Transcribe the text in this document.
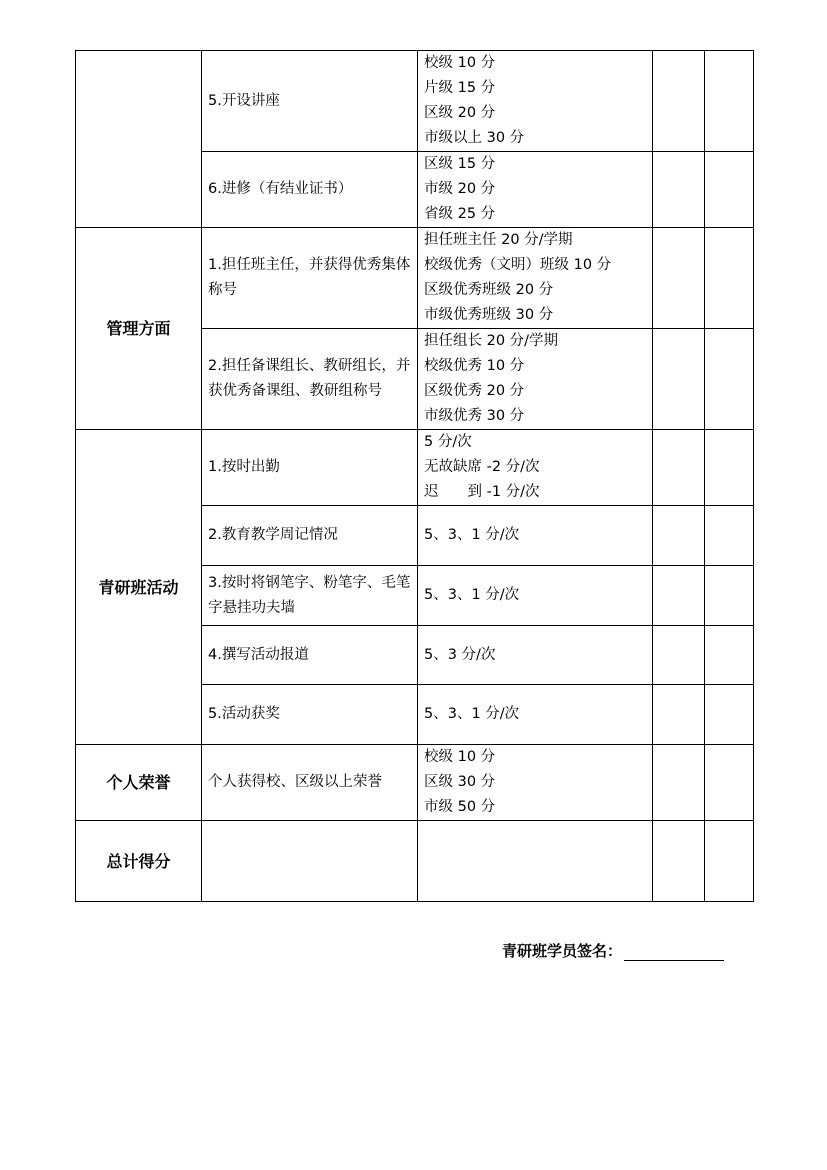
	5.开设讲座	校级 10 分
片级 15 分
区级 20 分
市级以上 30 分		

	6.进修（有结业证书）	区级 15 分
市级 20 分
省级 25 分		

管理方面	1.担任班主任，并获得优秀集体称号	担任班主任 20 分/学期
校级优秀（文明）班级 10 分
区级优秀班级 20 分
市级优秀班级 30 分		

	2.担任备课组长、教研组长，并获优秀备课组、教研组称号	担任组长 20 分/学期
校级优秀 10 分
区级优秀 20 分
市级优秀 30 分		

青研班活动	1.按时出勤	5 分/次
无故缺席 -2 分/次
迟　　到 -1 分/次		

	2.教育教学周记情况	5、3、1 分/次		

	3.按时将钢笔字、粉笔字、毛笔字悬挂功夫墙	5、3、1 分/次		

	4.撰写活动报道	5、3 分/次		

	5.活动获奖	5、3、1 分/次		

个人荣誉	个人获得校、区级以上荣誉	校级 10 分
区级 30 分
市级 50 分		

总计得分				
青研班学员签名：
